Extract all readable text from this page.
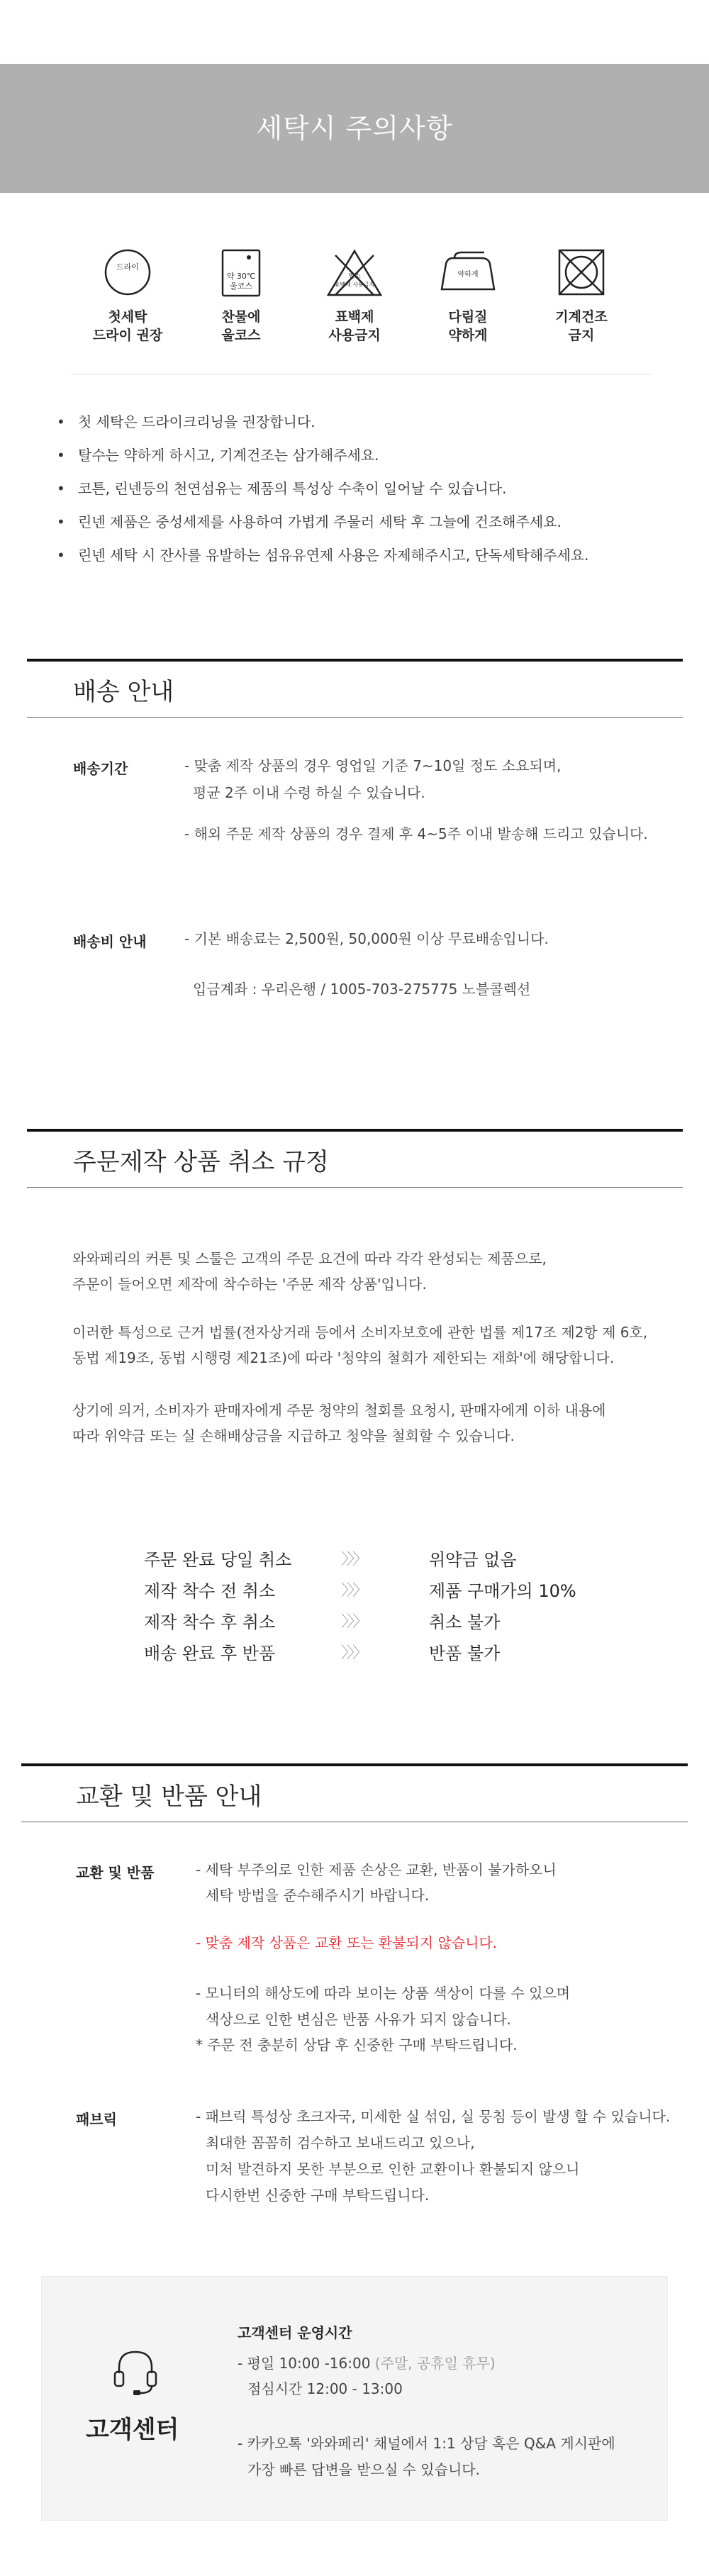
세탁시 주의사항
드라이
첫세탁
드라이 권장
약 30℃
울코스
찬물에
울코스
염소
표백제 사용금지
표백제
사용금지
약하게
다림질
약하게
기계건조
금지
• 첫 세탁은 드라이크리닝을 권장합니다.
• 탈수는 약하게 하시고, 기계건조는 삼가해주세요.
• 코튼, 린넨등의 천연섬유는 제품의 특성상 수축이 일어날 수 있습니다.
• 린넨 제품은 중성세제를 사용하여 가볍게 주물러 세탁 후 그늘에 건조해주세요.
• 린넨 세탁 시 잔사를 유발하는 섬유유연제 사용은 자제해주시고, 단독세탁해주세요.
배송 안내
배송기간	- 맞춤 제작 상품의 경우 영업일 기준 7~10일 정도 소요되며,
평균 2주 이내 수령 하실 수 있습니다.
- 해외 주문 제작 상품의 경우 결제 후 4~5주 이내 발송해 드리고 있습니다.
배송비 안내	- 기본 배송료는 2,500원, 50,000원 이상 무료배송입니다.
입금계좌 : 우리은행 / 1005-703-275775 노블콜렉션
주문제작 상품 취소 규정
와와페리의 커튼 및 스툴은 고객의 주문 요건에 따라 각각 완성되는 제품으로,
주문이 들어오면 제작에 착수하는 '주문 제작 상품'입니다.
이러한 특성으로 근거 법률(전자상거래 등에서 소비자보호에 관한 법률 제17조 제2항 제 6호,
동법 제19조, 동법 시행령 제21조)에 따라 '청약의 철회가 제한되는 재화'에 해당합니다.
상기에 의거, 소비자가 판매자에게 주문 청약의 철회를 요청시, 판매자에게 이하 내용에
따라 위약금 또는 실 손해배상금을 지급하고 청약을 철회할 수 있습니다.
주문 완료 당일 취소	〉〉〉	위약금 없음
제작 착수 전 취소	〉〉〉	제품 구매가의 10%
제작 착수 후 취소	〉〉〉	취소 불가
배송 완료 후 반품	〉〉〉	반품 불가
교환 및 반품 안내
교환 및 반품	- 세탁 부주의로 인한 제품 손상은 교환, 반품이 불가하오니
세탁 방법을 준수해주시기 바랍니다.
- 맞춤 제작 상품은 교환 또는 환불되지 않습니다.
- 모니터의 해상도에 따라 보이는 상품 색상이 다를 수 있으며
색상으로 인한 변심은 반품 사유가 되지 않습니다.
* 주문 전 충분히 상담 후 신중한 구매 부탁드립니다.
패브릭	- 패브릭 특성상 초크자국, 미세한 실 섞임, 실 뭉침 등이 발생 할 수 있습니다.
최대한 꼼꼼히 검수하고 보내드리고 있으나,
미처 발견하지 못한 부분으로 인한 교환이나 환불되지 않으니
다시한번 신중한 구매 부탁드립니다.
고객센터
고객센터 운영시간
- 평일 10:00 -16:00 (주말, 공휴일 휴무)
점심시간 12:00 - 13:00
- 카카오톡 '와와페리' 채널에서 1:1 상담 혹은 Q&A 게시판에
가장 빠른 답변을 받으실 수 있습니다.
